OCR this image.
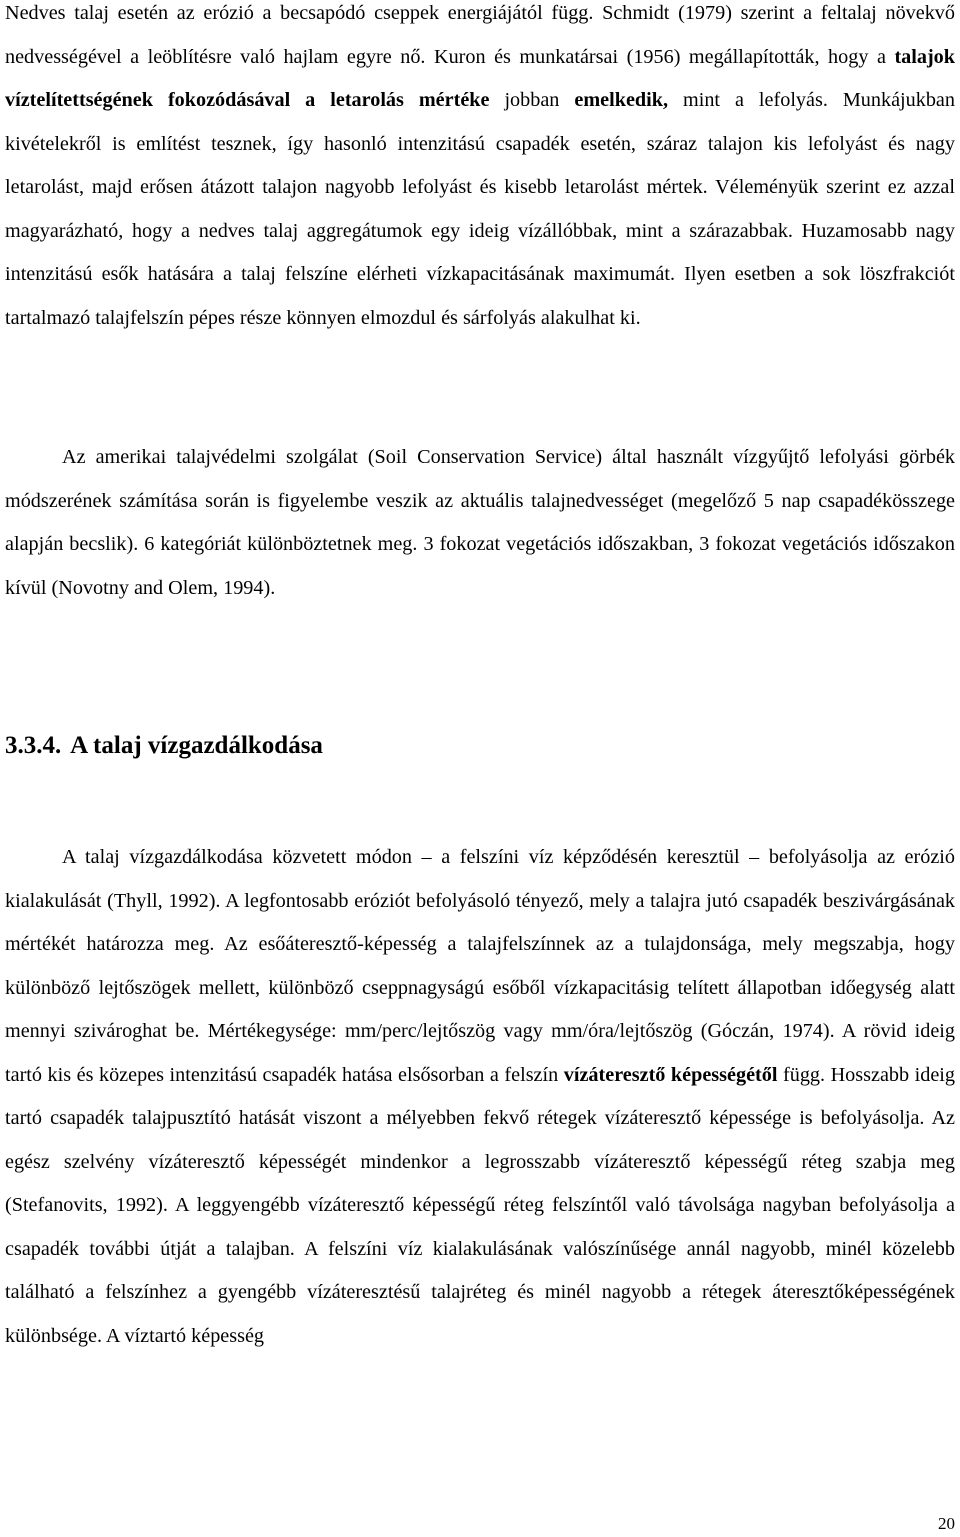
Nedves talaj esetén az erózió a becsapódó cseppek energiájától függ. Schmidt (1979) szerint a feltalaj növekvő nedvességével a leöblítésre való hajlam egyre nő. Kuron és munkatársai (1956) megállapították, hogy a talajok víztelítettségének fokozódásával a letarolás mértéke jobban emelkedik, mint a lefolyás. Munkájukban kivételekről is említést tesznek, így hasonló intenzitású csapadék esetén, száraz talajon kis lefolyást és nagy letarolást, majd erősen átázott talajon nagyobb lefolyást és kisebb letarolást mértek. Véleményük szerint ez azzal magyarázható, hogy a nedves talaj aggregátumok egy ideig vízállóbbak, mint a szárazabbak. Huzamosabb nagy intenzitású esők hatására a talaj felszíne elérheti vízkapacitásának maximumát. Ilyen esetben a sok löszfrakciót tartalmazó talajfelszín pépes része könnyen elmozdul és sárfolyás alakulhat ki.

Az amerikai talajvédelmi szolgálat (Soil Conservation Service) által használt vízgyűjtő lefolyási görbék módszerének számítása során is figyelembe veszik az aktuális talajnedvességet (megelőző 5 nap csapadékösszege alapján becslik). 6 kategóriát különböztetnek meg. 3 fokozat vegetációs időszakban, 3 fokozat vegetációs időszakon kívül (Novotny and Olem, 1994).

3.3.4. A talaj vízgazdálkodása

A talaj vízgazdálkodása közvetett módon – a felszíni víz képződésén keresztül – befolyásolja az erózió kialakulását (Thyll, 1992). A legfontosabb eróziót befolyásoló tényező, mely a talajra jutó csapadék beszivárgásának mértékét határozza meg. Az esőáteresztő-képesség a talajfelszínnek az a tulajdonsága, mely megszabja, hogy különböző lejtőszögek mellett, különböző cseppnagyságú esőből vízkapacitásig telített állapotban időegység alatt mennyi szivároghat be. Mértékegysége: mm/perc/lejtőszög vagy mm/óra/lejtőszög (Góczán, 1974). A rövid ideig tartó kis és közepes intenzitású csapadék hatása elsősorban a felszín vízáteresztő képességétől függ. Hosszabb ideig tartó csapadék talajpusztító hatását viszont a mélyebben fekvő rétegek vízáteresztő képessége is befolyásolja. Az egész szelvény vízáteresztő képességét mindenkor a legrosszabb vízáteresztő képességű réteg szabja meg (Stefanovits, 1992). A leggyengébb vízáteresztő képességű réteg felszíntől való távolsága nagyban befolyásolja a csapadék további útját a talajban. A felszíni víz kialakulásának valószínűsége annál nagyobb, minél közelebb található a felszínhez a gyengébb vízáteresztésű talajréteg és minél nagyobb a rétegek áteresztőképességének különbsége. A víztartó képesség

20
